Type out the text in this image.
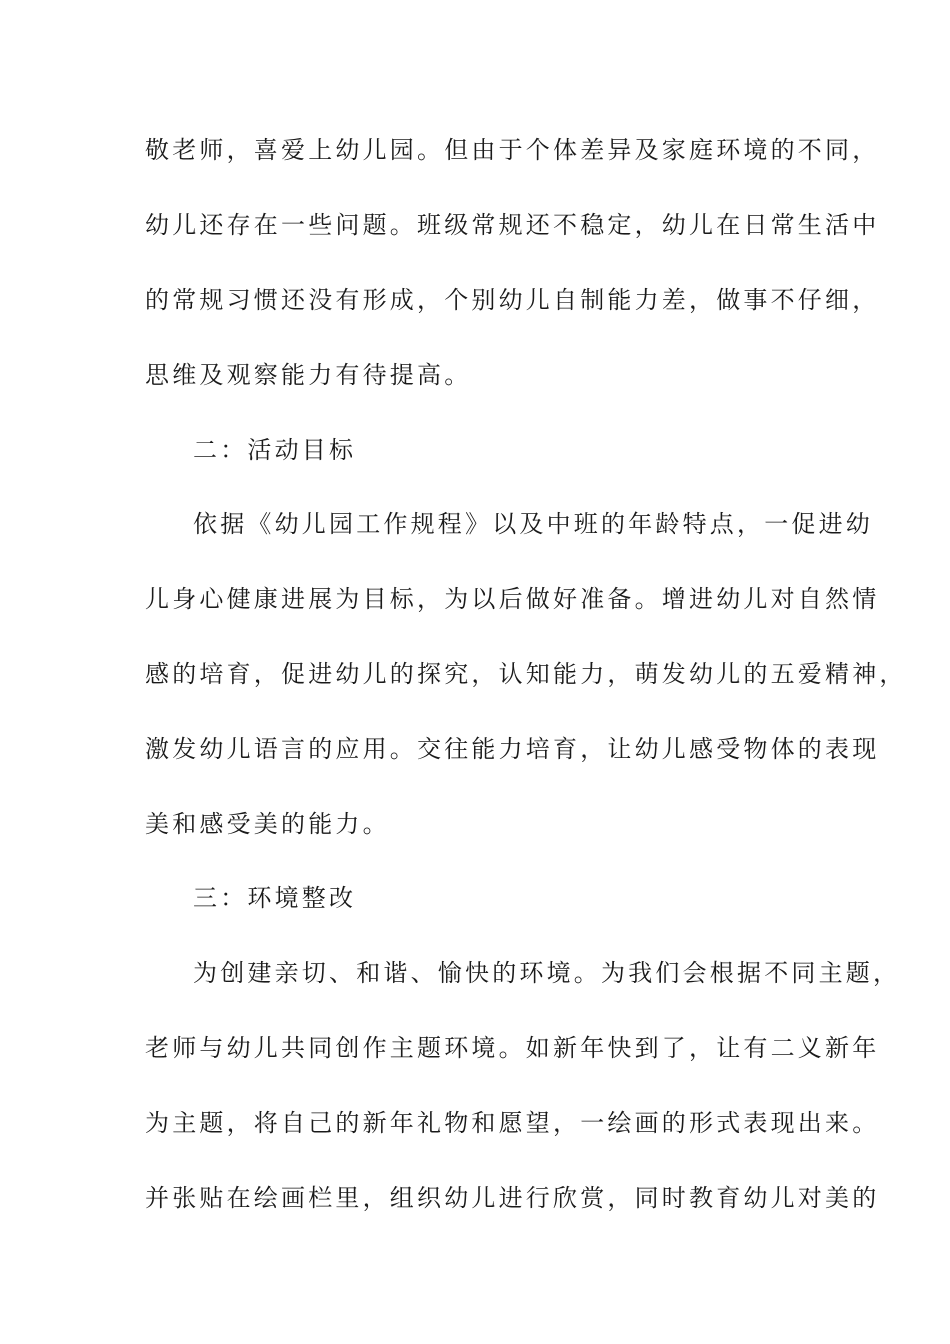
敬老师，喜爱上幼儿园。但由于个体差异及家庭环境的不同，
幼儿还存在一些问题。班级常规还不稳定，幼儿在日常生活中
的常规习惯还没有形成，个别幼儿自制能力差，做事不仔细，
思维及观察能力有待提高。
二：活动目标
依据《幼儿园工作规程》以及中班的年龄特点，一促进幼
儿身心健康进展为目标，为以后做好准备。增进幼儿对自然情
感的培育，促进幼儿的探究，认知能力，萌发幼儿的五爱精神，
激发幼儿语言的应用。交往能力培育，让幼儿感受物体的表现
美和感受美的能力。
三：环境整改
为创建亲切、和谐、愉快的环境。为我们会根据不同主题，
老师与幼儿共同创作主题环境。如新年快到了，让有二义新年
为主题，将自己的新年礼物和愿望，一绘画的形式表现出来。
并张贴在绘画栏里，组织幼儿进行欣赏，同时教育幼儿对美的
